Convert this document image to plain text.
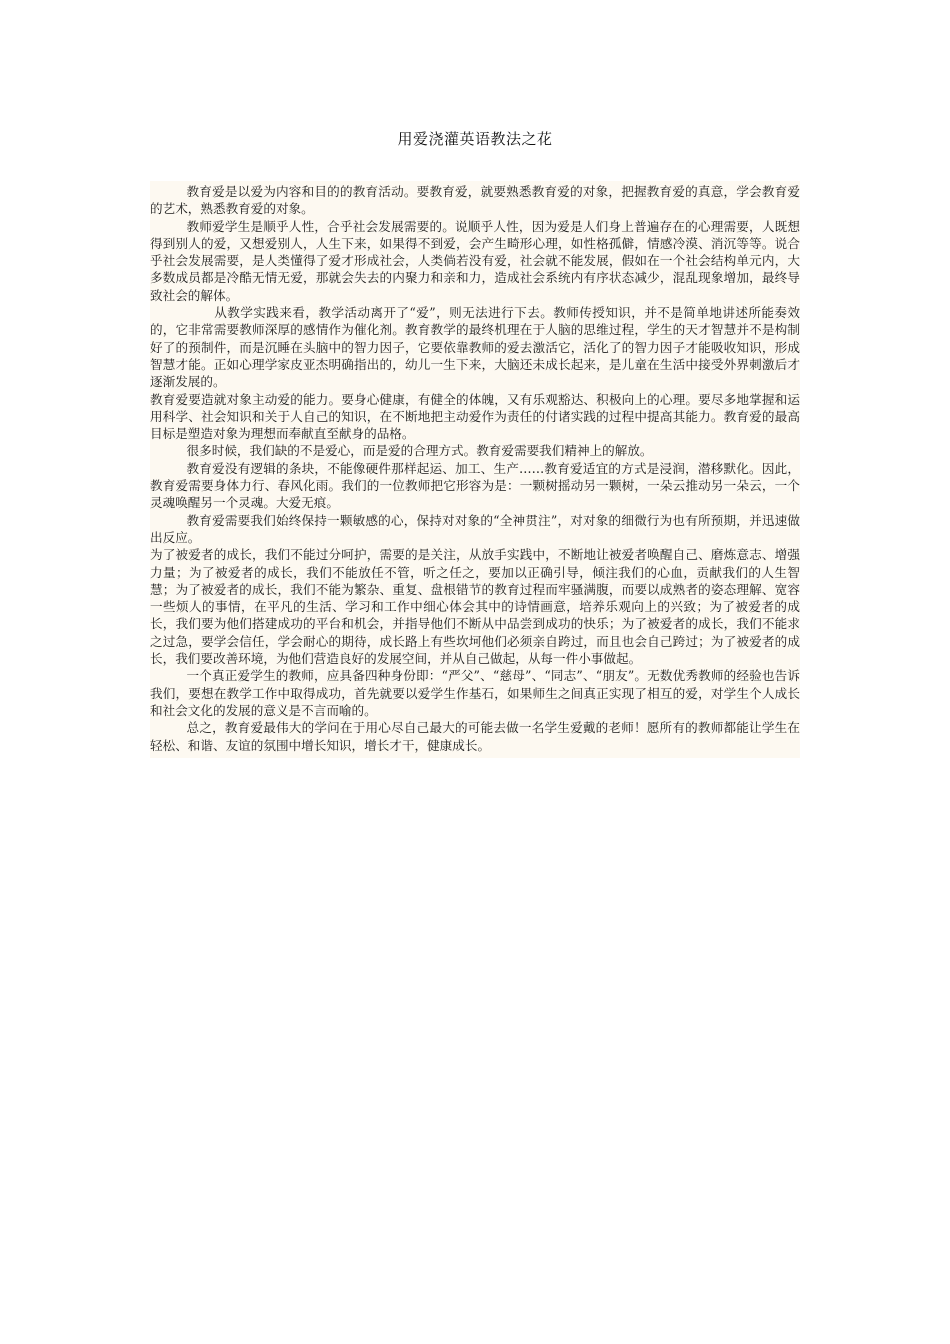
用爱浇灌英语教法之花

教育爱是以爱为内容和目的的教育活动。要教育爱，就要熟悉教育爱的对象，把握教育爱的真意，学会教育爱的艺术，熟悉教育爱的对象。

教师爱学生是顺乎人性，合乎社会发展需要的。说顺乎人性，因为爱是人们身上普遍存在的心理需要，人既想得到别人的爱，又想爱别人，人生下来，如果得不到爱，会产生畸形心理，如性格孤僻，情感冷漠、消沉等等。说合乎社会发展需要，是人类懂得了爱才形成社会，人类倘若没有爱，社会就不能发展，假如在一个社会结构单元内，大多数成员都是冷酷无情无爱，那就会失去的内聚力和亲和力，造成社会系统内有序状态减少，混乱现象增加，最终导致社会的解体。

从教学实践来看，教学活动离开了“爱”，则无法进行下去。教师传授知识，并不是简单地讲述所能奏效的，它非常需要教师深厚的感情作为催化剂。教育教学的最终机理在于人脑的思维过程，学生的天才智慧并不是构制好了的预制件，而是沉睡在头脑中的智力因子，它要依靠教师的爱去激活它，活化了的智力因子才能吸收知识，形成智慧才能。正如心理学家皮亚杰明确指出的，幼儿一生下来，大脑还未成长起来，是儿童在生活中接受外界刺激后才逐渐发展的。

教育爱要造就对象主动爱的能力。要身心健康，有健全的体魄，又有乐观豁达、积极向上的心理。要尽多地掌握和运用科学、社会知识和关于人自己的知识，在不断地把主动爱作为责任的付诸实践的过程中提高其能力。教育爱的最高目标是塑造对象为理想而奉献直至献身的品格。

很多时候，我们缺的不是爱心，而是爱的合理方式。教育爱需要我们精神上的解放。

教育爱没有逻辑的条块，不能像硬件那样起运、加工、生产……教育爱适宜的方式是浸润，潜移默化。因此，教育爱需要身体力行、春风化雨。我们的一位教师把它形容为是：一颗树摇动另一颗树，一朵云推动另一朵云，一个灵魂唤醒另一个灵魂。大爱无痕。

教育爱需要我们始终保持一颗敏感的心，保持对对象的“全神贯注”，对对象的细微行为也有所预期，并迅速做出反应。

为了被爱者的成长，我们不能过分呵护，需要的是关注，从放手实践中，不断地让被爱者唤醒自己、磨炼意志、增强力量；为了被爱者的成长，我们不能放任不管，听之任之，要加以正确引导，倾注我们的心血，贡献我们的人生智慧；为了被爱者的成长，我们不能为繁杂、重复、盘根错节的教育过程而牢骚满腹，而要以成熟者的姿态理解、宽容一些烦人的事情，在平凡的生活、学习和工作中细心体会其中的诗情画意，培养乐观向上的兴致；为了被爱者的成长，我们要为他们搭建成功的平台和机会，并指导他们不断从中品尝到成功的快乐；为了被爱者的成长，我们不能求之过急，要学会信任，学会耐心的期待，成长路上有些坎坷他们必须亲自跨过，而且也会自己跨过；为了被爱者的成长，我们要改善环境，为他们营造良好的发展空间，并从自己做起，从每一件小事做起。

一个真正爱学生的教师，应具备四种身份即：“严父”、“慈母”、“同志”、“朋友”。无数优秀教师的经验也告诉我们，要想在教学工作中取得成功，首先就要以爱学生作基石，如果师生之间真正实现了相互的爱，对学生个人成长和社会文化的发展的意义是不言而喻的。

总之，教育爱最伟大的学问在于用心尽自己最大的可能去做一名学生爱戴的老师！愿所有的教师都能让学生在轻松、和谐、友谊的氛围中增长知识，增长才干，健康成长。
